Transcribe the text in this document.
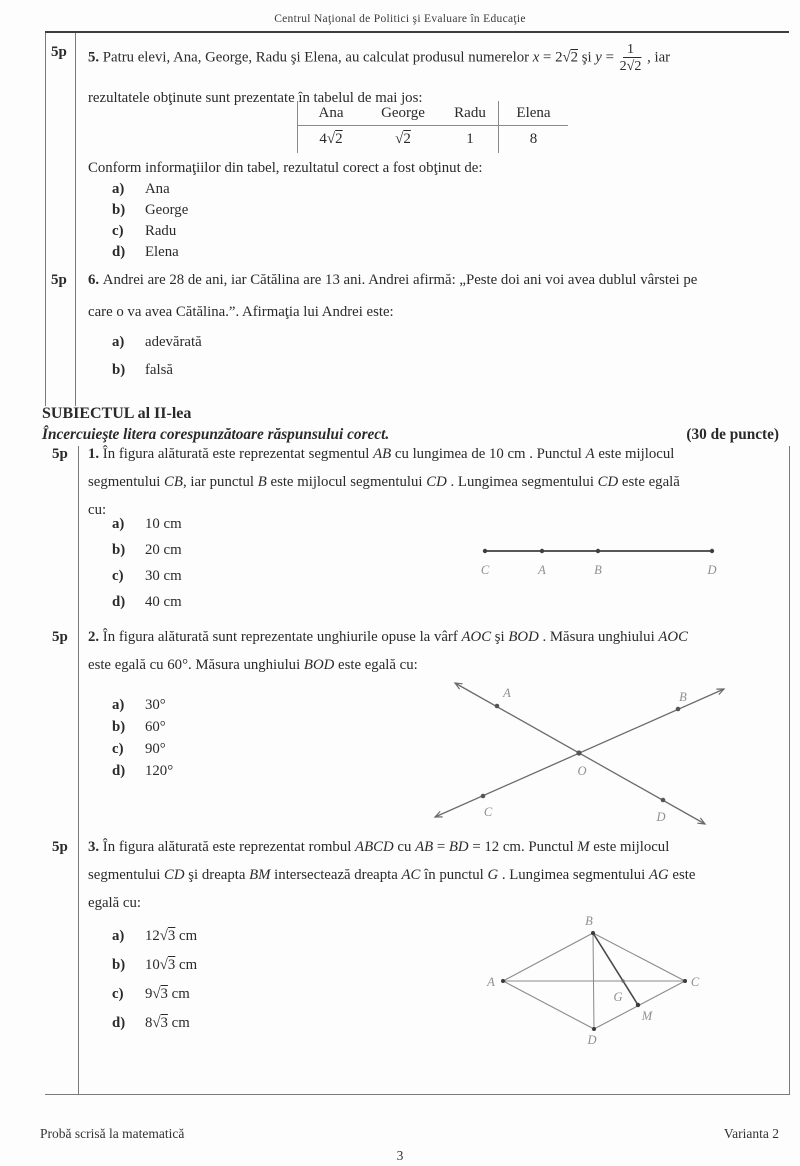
Centrul Naţional de Politici şi Evaluare în Educaţie
5p 5. Patru elevi, Ana, George, Radu şi Elena, au calculat produsul numerelor x = 2√2 şi $y = \frac{1}{2√2}$ , iar
rezultatele obţinute sunt prezentate în tabelul de mai jos:
Ana	George	Radu	Elena
4 √2	√2	1	8
Conform informaţiilor din tabel, rezultatul corect a fost obţinut de:
a)	Ana
b)	George
c)	Radu
d)	Elena
5p 6. Andrei are 28 de ani, iar Cătălina are 13 ani. Andrei afirmă: „Peste doi ani voi avea dublul vârstei pe
care o va avea Cătălina.”. Afirmaţia lui Andrei este:
a)	adevărată
b)	falsă
SUBIECTUL al II-lea
Încercuieşte litera corespunzătoare răspunsului corect.	(30 de puncte)
5p 1. În figura alăturată este reprezentat segmentul AB cu lungimea de 10 cm . Punctul A este mijlocul
segmentului CB, iar punctul B este mijlocul segmentului CD . Lungimea segmentului CD este egală
cu:
a)	10 cm
b)	20 cm
c)	30 cm
d)	40 cm
C	A	B	D
5p 2. În figura alăturată sunt reprezentate unghiurile opuse la vârf AOC şi BOD . Măsura unghiului AOC
este egală cu 60°. Măsura unghiului BOD este egală cu:
a)	30°
b)	60°
c)	90°
d)	120°
A	B
C	D
O
5p 3. În figura alăturată este reprezentat rombul ABCD cu AB = BD = 12 cm. Punctul M este mijlocul
segmentului CD şi dreapta BM intersectează dreapta AC în punctul G . Lungimea segmentului AG este
egală cu:
a)	12√3 cm
b)	10√3 cm
c)	9√3 cm
d)	8√3 cm
B
A	C
D
M
G
Probă scrisă la matematică	Varianta 2
3
